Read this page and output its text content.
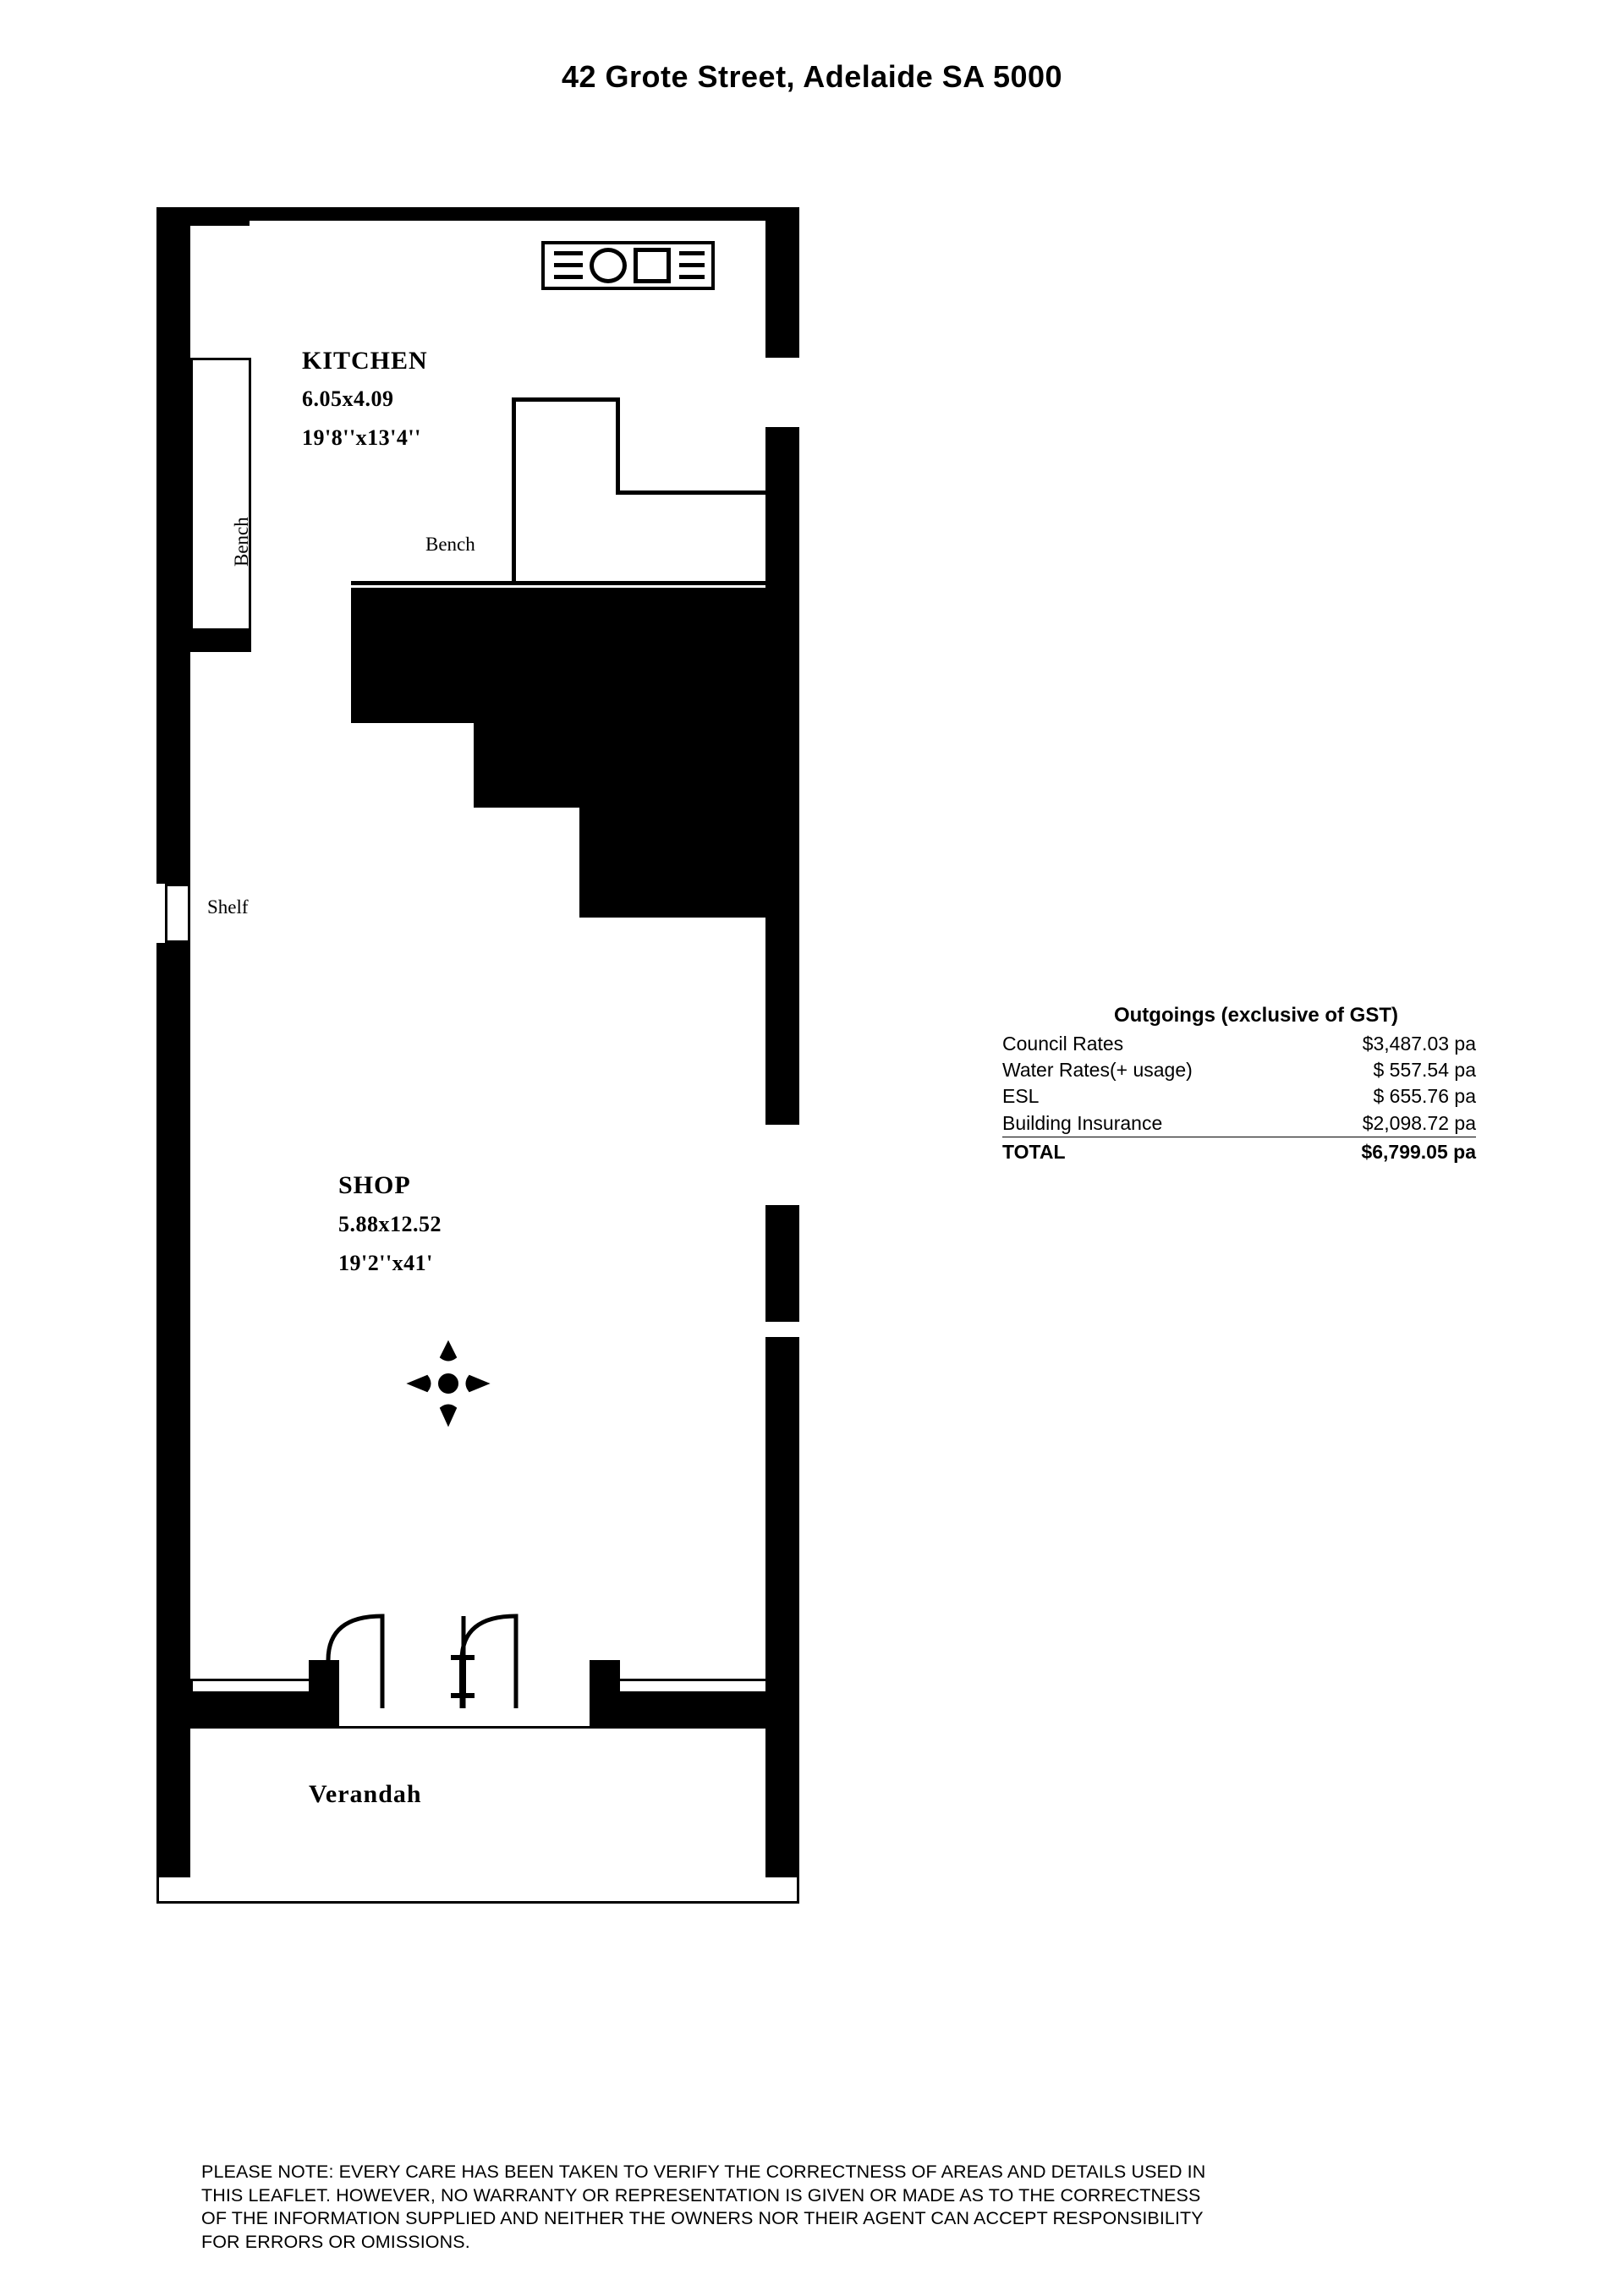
42 Grote Street, Adelaide SA 5000
Bench
KITCHEN
6.05x4.09
19'8''x13'4''
Bench
Shelf
SHOP
5.88x12.52
19'2''x41'
Verandah
Outgoings (exclusive of GST)
Council Rates	$3,487.03 pa
Water Rates(+ usage)	$ 557.54 pa
ESL	$ 655.76 pa
Building Insurance	$2,098.72 pa
TOTAL	$6,799.05 pa
PLEASE NOTE: EVERY CARE HAS BEEN TAKEN TO VERIFY THE CORRECTNESS OF AREAS AND DETAILS USED IN
THIS LEAFLET. HOWEVER, NO WARRANTY OR REPRESENTATION IS GIVEN OR MADE AS TO THE CORRECTNESS
OF THE INFORMATION SUPPLIED AND NEITHER THE OWNERS NOR THEIR AGENT CAN ACCEPT RESPONSIBILITY
FOR ERRORS OR OMISSIONS.
